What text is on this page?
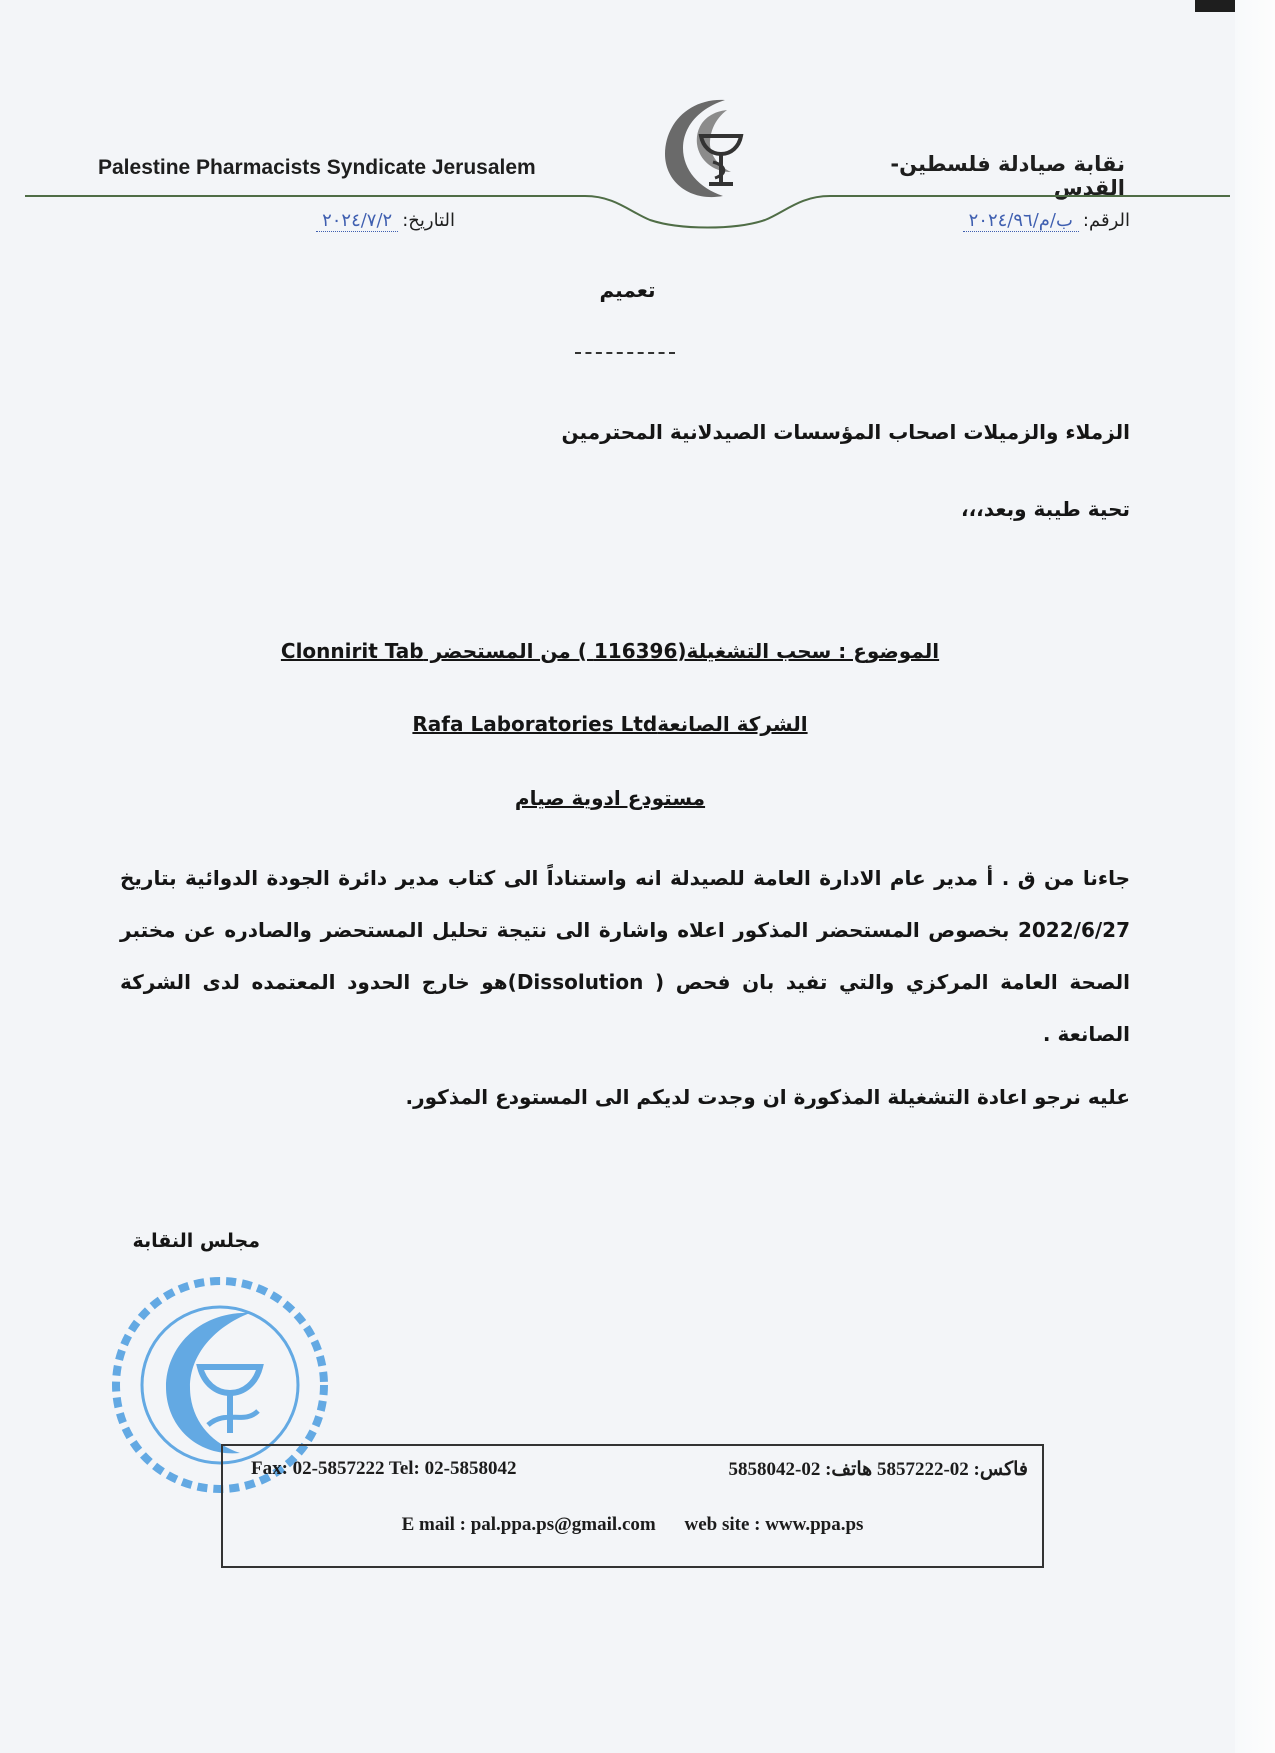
Palestine Pharmacists Syndicate Jerusalem	نقابة صيادلة فلسطين- القدس
التاريخ:٢٠٢٤/٧/٢	الرقم:ب/م/٢٠٢٤/٩٦
تعميم
الزملاء والزميلات اصحاب المؤسسات الصيدلانية المحترمين
تحية طيبة وبعد،،،
الموضوع : سحب التشغيلة(116396 ) من المستحضر Clonnirit Tab
الشركة الصانعةRafa Laboratories Ltd
مستودع ادوية صيام
جاءنا من ق . أ مدير عام الادارة العامة للصيدلة انه واستناداً الى كتاب مدير دائرة الجودة الدوائية بتاريخ 2022/6/27 بخصوص المستحضر المذكور اعلاه واشارة الى نتيجة تحليل المستحضر والصادره عن مختبر الصحة العامة المركزي والتي تفيد بان فحص ( Dissolution)هو خارج الحدود المعتمده لدى الشركة الصانعة .
عليه نرجو اعادة التشغيلة المذكورة ان وجدت لديكم الى المستودع المذكور.
مجلس النقابة
Fax: 02-5857222 Tel: 02-5858042	فاكس: 02-5857222 هاتف: 02-5858042
E mail : pal.ppa.ps@gmail.com web site : www.ppa.ps
